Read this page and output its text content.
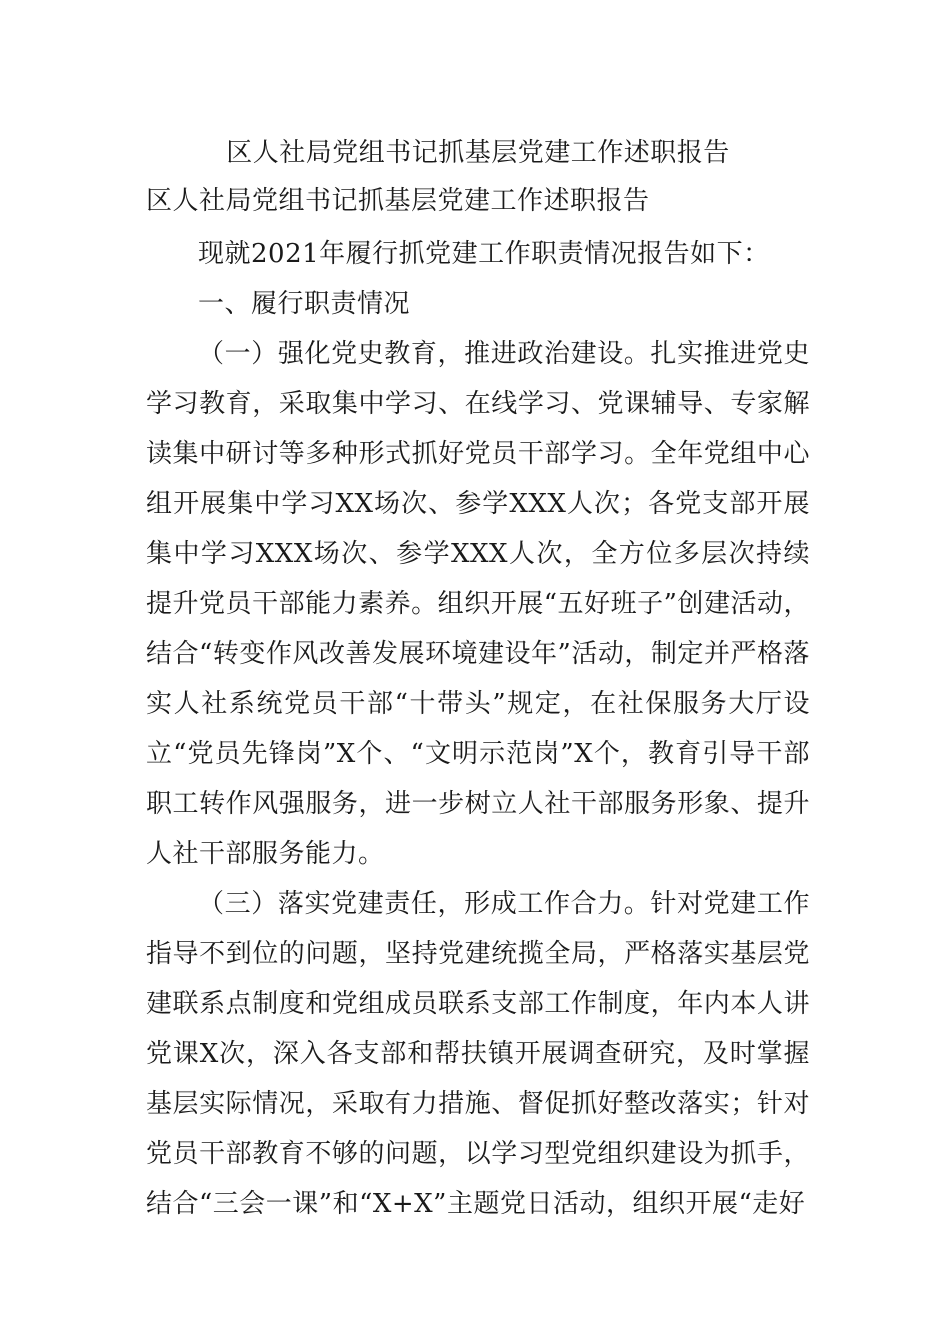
区人社局党组书记抓基层党建工作述职报告

区人社局党组书记抓基层党建工作述职报告

现就2021年履行抓党建工作职责情况报告如下：

一、履行职责情况

（一）强化党史教育，推进政治建设。扎实推进党史学习教育，采取集中学习、在线学习、党课辅导、专家解读集中研讨等多种形式抓好党员干部学习。全年党组中心组开展集中学习XX场次、参学XXX人次；各党支部开展集中学习XXX场次、参学XXX人次，全方位多层次持续提升党员干部能力素养。组织开展“五好班子”创建活动，结合“转变作风改善发展环境建设年”活动，制定并严格落实人社系统党员干部“十带头”规定，在社保服务大厅设立“党员先锋岗”X个、“文明示范岗”X个，教育引导干部职工转作风强服务，进一步树立人社干部服务形象、提升人社干部服务能力。

（三）落实党建责任，形成工作合力。针对党建工作指导不到位的问题，坚持党建统揽全局，严格落实基层党建联系点制度和党组成员联系支部工作制度，年内本人讲党课X次，深入各支部和帮扶镇开展调查研究，及时掌握基层实际情况，采取有力措施、督促抓好整改落实；针对党员干部教育不够的问题，以学习型党组织建设为抓手，结合“三会一课”和“X+X”主题党日活动，组织开展“走好
